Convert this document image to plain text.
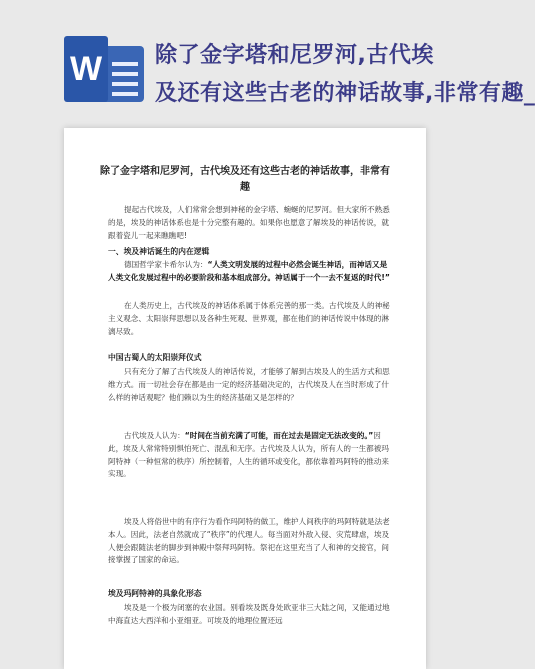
W 除了金字塔和尼罗河,古代埃
及还有这些古老的神话故事,非常有趣_
除了金字塔和尼罗河，古代埃及还有这些古老的神话故事，非常有趣

提起古代埃及，人们常常会想到神秘的金字塔、蜿蜒的尼罗河。但大家所不熟悉的是，埃及的神话体系也是十分完整有趣的。如果你也愿意了解埃及的神话传说，就跟着瓷儿一起来瞧瞧吧!

一、埃及神话诞生的内在逻辑

德国哲学家卡希尔认为：“人类文明发展的过程中必然会诞生神话，而神话又是人类文化发展过程中的必要阶段和基本组成部分。神话属于一个一去不复返的时代!”

在人类历史上，古代埃及的神话体系属于体系完善的那一类。古代埃及人的神秘主义观念、太阳崇拜思想以及各种生死观、世界观，都在他们的神话传说中体现的淋漓尽致。

中国古蜀人的太阳崇拜仪式

只有充分了解了古代埃及人的神话传说，才能够了解到古埃及人的生活方式和思维方式。而一切社会存在都是由一定的经济基础决定的，古代埃及人在当时形成了什么样的神话观呢？他们赖以为生的经济基础又是怎样的？

古代埃及人认为：“时间在当前充满了可能，而在过去是固定无法改变的。”因此，埃及人常常特别惧怕死亡、混乱和无序。古代埃及人认为，所有人的一生都被玛阿特神（一种恒常的秩序）所控制着，人生的循环或变化，都依靠着玛阿特的推动来实现。

埃及人将俗世中的有序行为看作玛阿特的做工，维护人间秩序的玛阿特就是法老本人。因此，法老自然就成了“秩序”的代理人。每当面对外敌入侵、灾荒肆虐，埃及人便会跟随法老的脚步到神殿中祭拜玛阿特。祭祀在这里充当了人和神的交接官，间接掌握了国家的命运。

埃及玛阿特神的具象化形态

埃及是一个极为闭塞的农业国。别看埃及既身处欧亚非三大陆之间，又能通过地中海直达大西洋和小亚细亚。可埃及的地理位置还远
